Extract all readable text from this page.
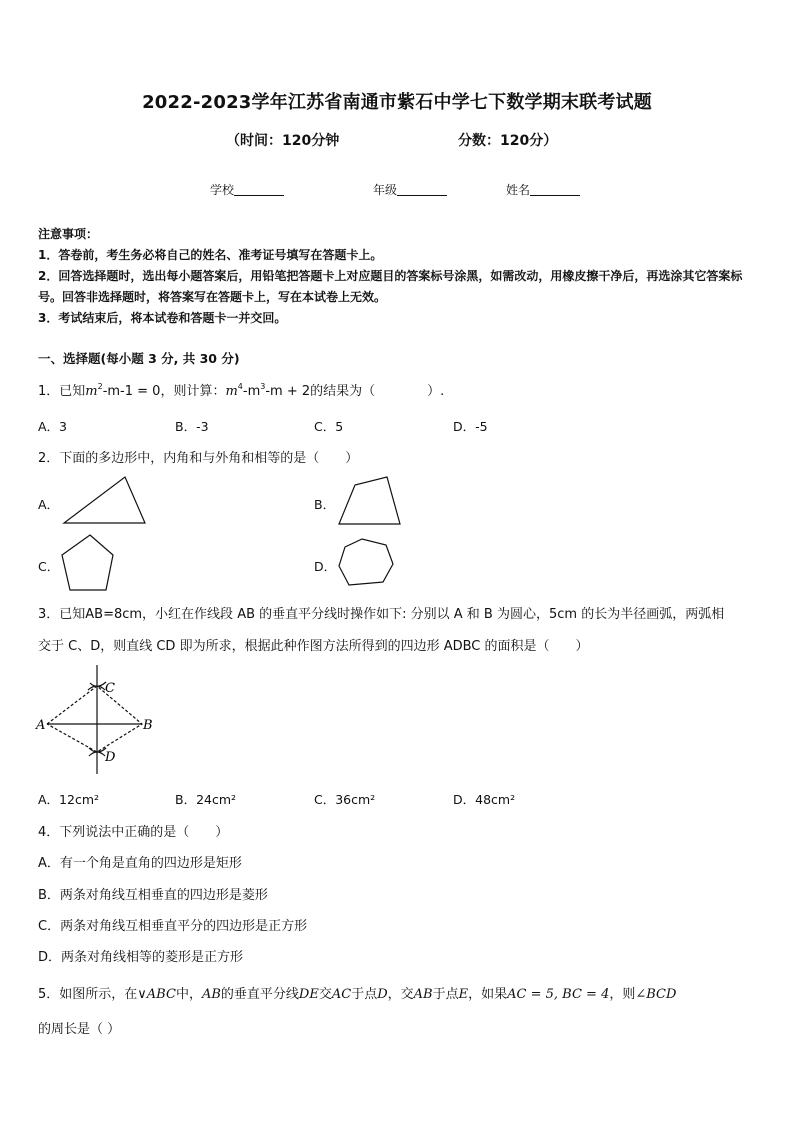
2022-2023学年江苏省南通市紫石中学七下数学期末联考试题
（时间：120分钟	分数：120分）
学校	年级	姓名

注意事项：

1．答卷前，考生务必将自己的姓名、准考证号填写在答题卡上。

2．回答选择题时，选出每小题答案后，用铅笔把答题卡上对应题目的答案标号涂黑，如需改动，用橡皮擦干净后，再选涂其它答案标号。回答非选择题时，将答案写在答题卡上，写在本试卷上无效。

3．考试结束后，将本试卷和答题卡一并交回。

一、选择题(每小题 3 分, 共 30 分)
1．已知$m^2-m-1 = 0$，则计算：$m^4-m^3-m + 2$的结果为（　　　　）.
A．3	B．-3	C．5	D．-5
2．下面的多边形中，内角和与外角和相等的是（　　）
A．	B．
C．	D．
3．已知AB=8cm，小红在作线段 AB 的垂直平分线时操作如下: 分别以 A 和 B 为圆心，5cm 的长为半径画弧，两弧相
交于 C、D，则直线 CD 即为所求，根据此种作图方法所得到的四边形 ADBC 的面积是（　　）
C
A	B
D
A．12cm²	B．24cm²	C．36cm²	D．48cm²
4．下列说法中正确的是（　　）
A．有一个角是直角的四边形是矩形
B．两条对角线互相垂直的四边形是菱形
C．两条对角线互相垂直平分的四边形是正方形
D．两条对角线相等的菱形是正方形
5．如图所示，在∨ABC中，AB的垂直平分线DE交AC于点D，交AB于点E，如果AC = 5, BC = 4，则∠BCD
的周长是（ ）
